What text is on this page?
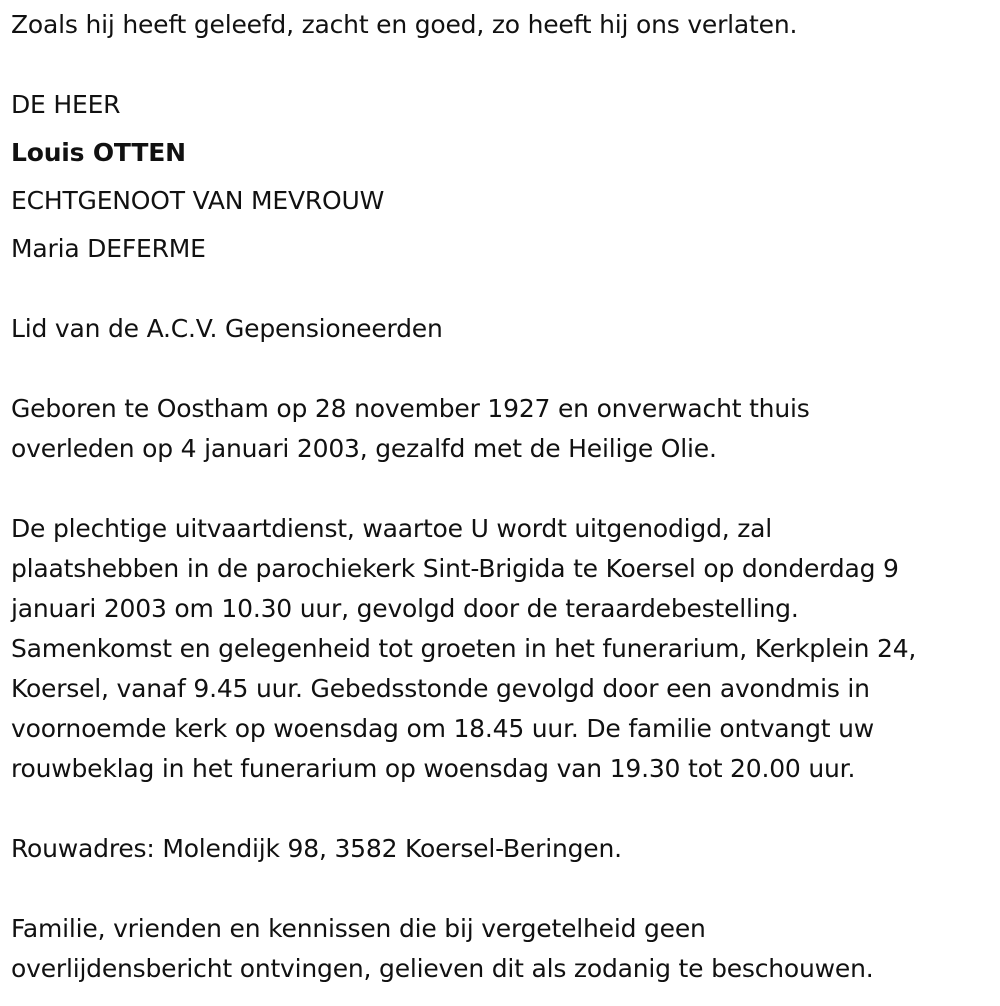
Zoals hij heeft geleefd, zacht en goed, zo heeft hij ons verlaten.
DE HEER
Louis OTTEN
ECHTGENOOT VAN MEVROUW
Maria DEFERME
Lid van de A.C.V. Gepensioneerden
Geboren te Oostham op 28 november 1927 en onverwacht thuis
overleden op 4 januari 2003, gezalfd met de Heilige Olie.
De plechtige uitvaartdienst, waartoe U wordt uitgenodigd, zal
plaatshebben in de parochiekerk Sint-Brigida te Koersel op donderdag 9
januari 2003 om 10.30 uur, gevolgd door de teraardebestelling.
Samenkomst en gelegenheid tot groeten in het funerarium, Kerkplein 24,
Koersel, vanaf 9.45 uur. Gebedsstonde gevolgd door een avondmis in
voornoemde kerk op woensdag om 18.45 uur. De familie ontvangt uw
rouwbeklag in het funerarium op woensdag van 19.30 tot 20.00 uur.
Rouwadres: Molendijk 98, 3582 Koersel-Beringen.
Familie, vrienden en kennissen die bij vergetelheid geen
overlijdensbericht ontvingen, gelieven dit als zodanig te beschouwen.
